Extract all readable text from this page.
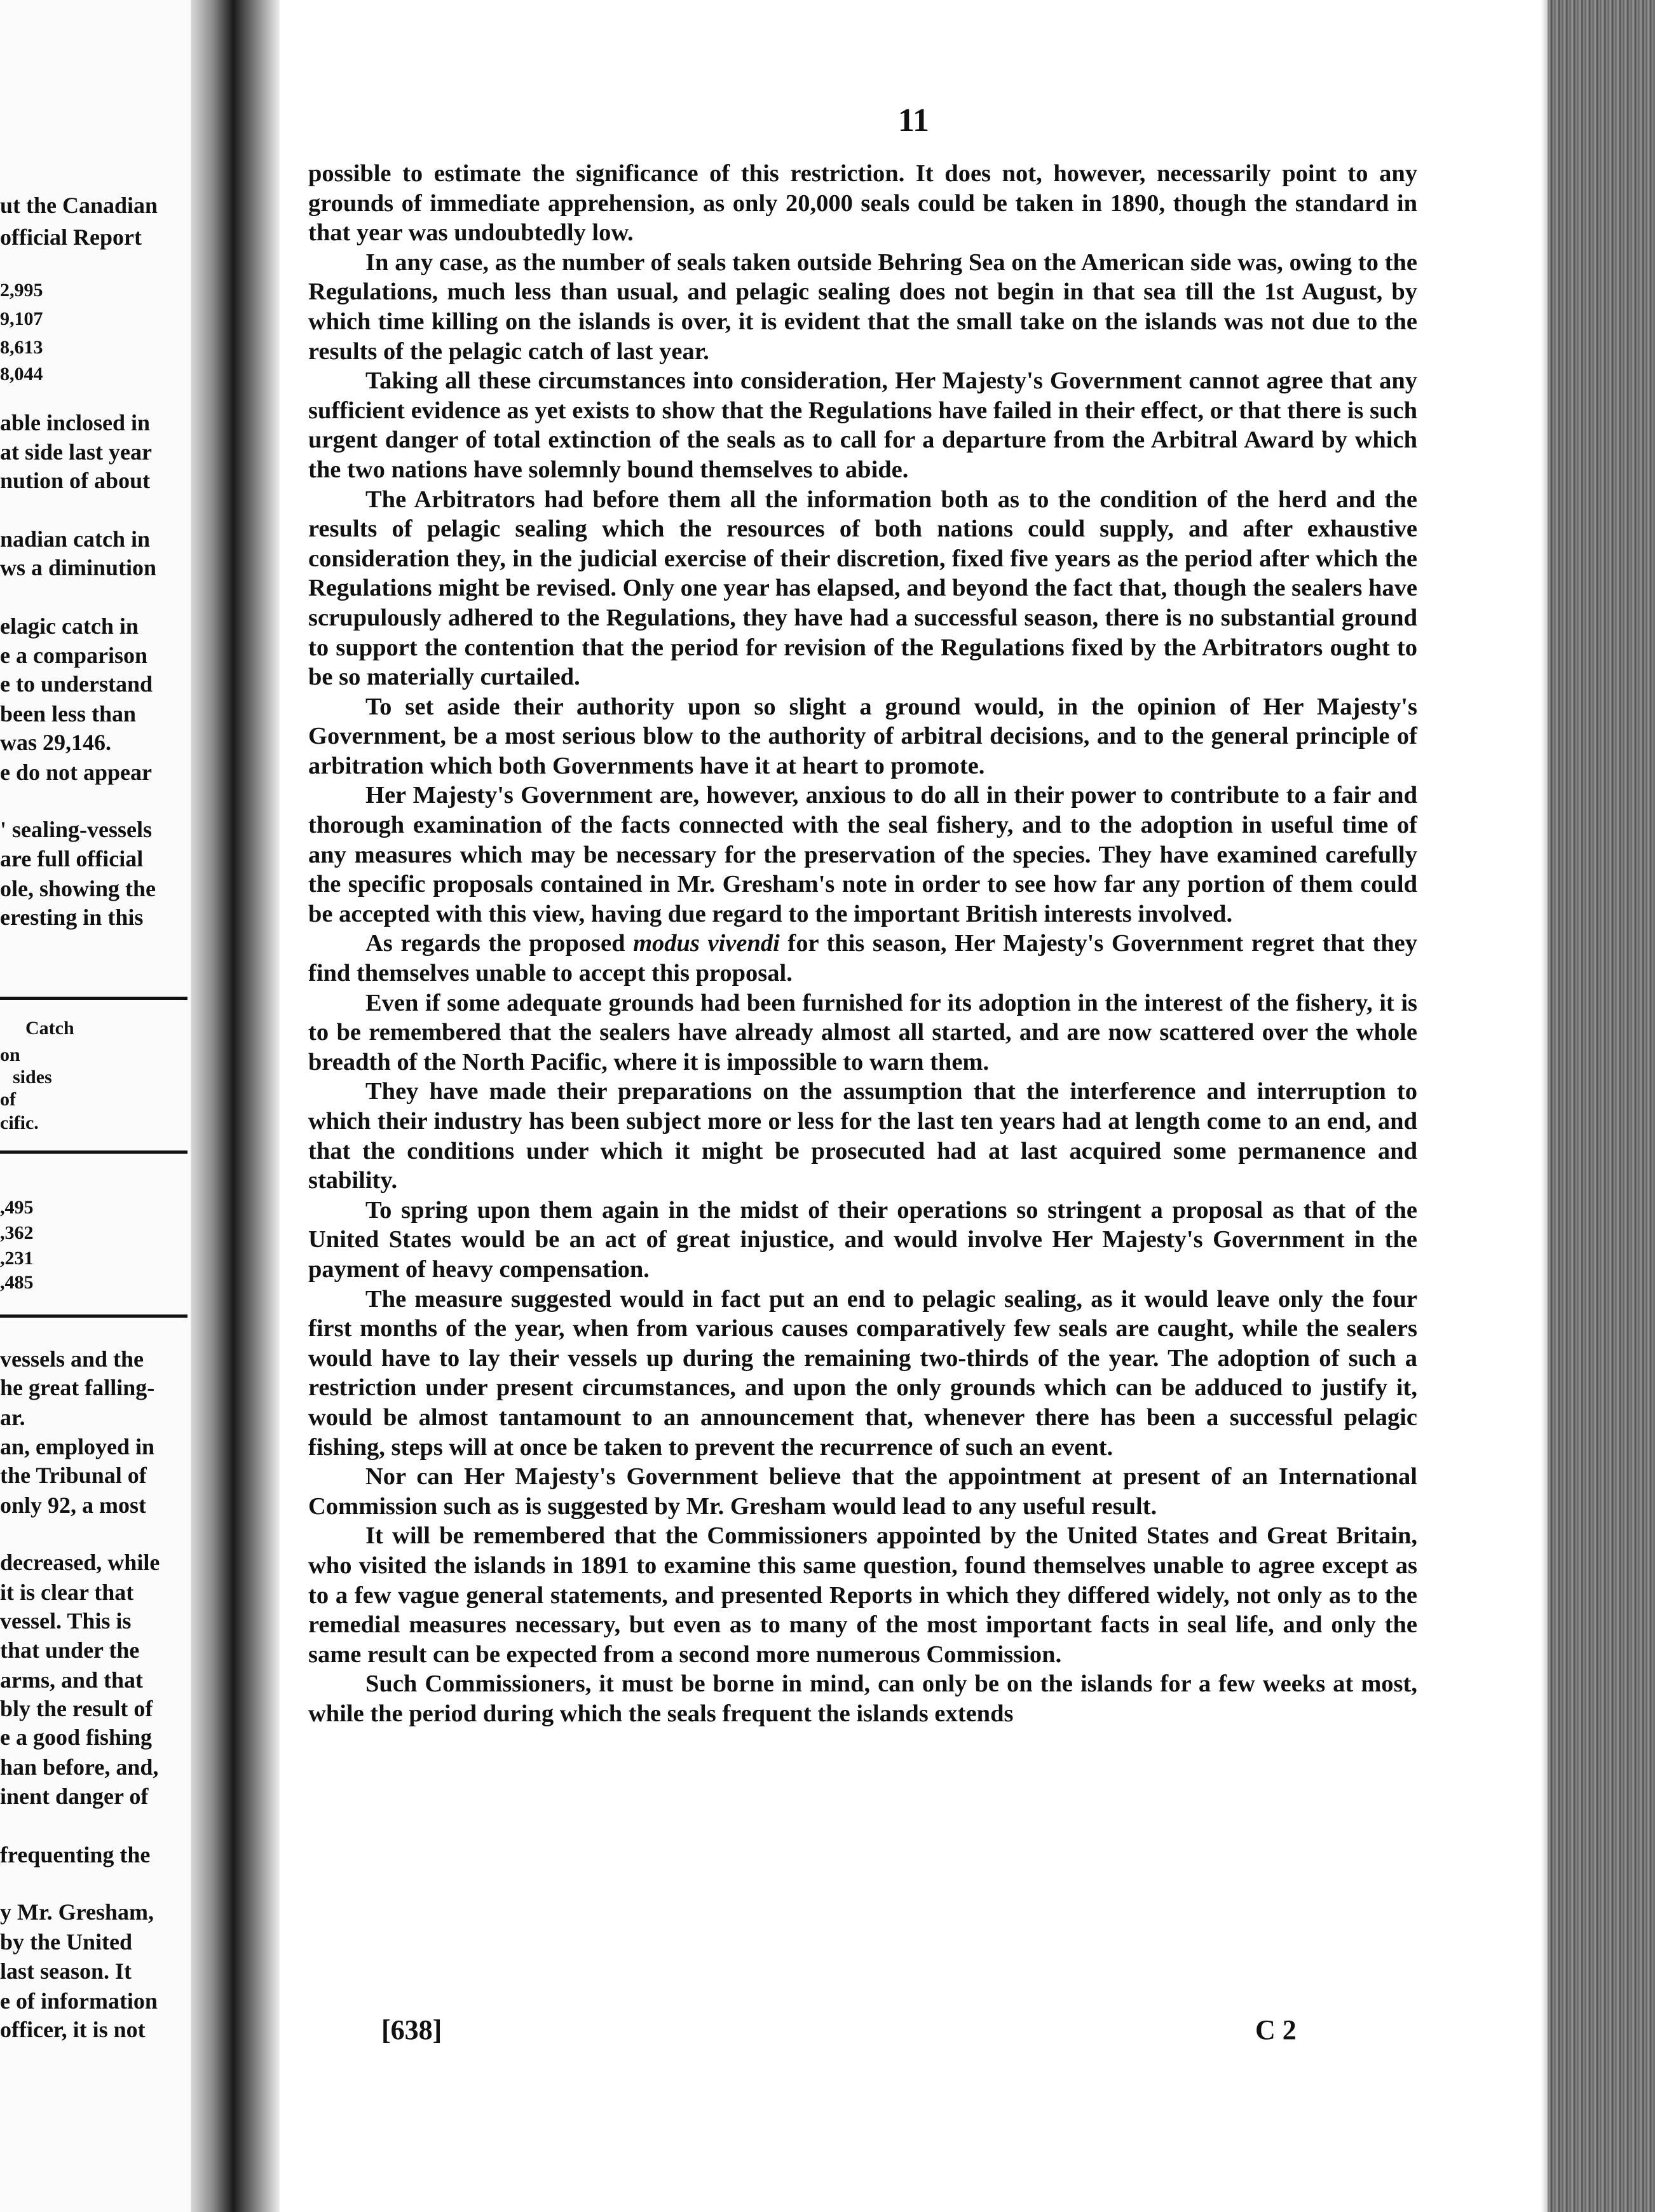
ut the Canadian
official Report
2,995
9,107
8,613
8,044
able inclosed in
at side last year
nution of about
nadian catch in
ws a diminution
elagic catch in
e a comparison
e to understand
been less than
was 29,146.
e do not appear
' sealing-vessels
are full official
ole, showing the
eresting in this
Catch
on
sides
of
cific.
,495
,362
,231
,485
vessels and the
he great falling-
ar.
an, employed in
the Tribunal of
only 92, a most
decreased, while
it is clear that
vessel. This is
that under the
arms, and that
bly the result of
e a good fishing
han before, and,
inent danger of
frequenting the
y Mr. Gresham,
by the United
last season. It
e of information
officer, it is not
11

possible to estimate the significance of this restriction. It does not, however, necessarily point to any grounds of immediate apprehension, as only 20,000 seals could be taken in 1890, though the standard in that year was undoubtedly low.

In any case, as the number of seals taken outside Behring Sea on the American side was, owing to the Regulations, much less than usual, and pelagic sealing does not begin in that sea till the 1st August, by which time killing on the islands is over, it is evident that the small take on the islands was not due to the results of the pelagic catch of last year.

Taking all these circumstances into consideration, Her Majesty's Government cannot agree that any sufficient evidence as yet exists to show that the Regulations have failed in their effect, or that there is such urgent danger of total extinction of the seals as to call for a departure from the Arbitral Award by which the two nations have solemnly bound themselves to abide.

The Arbitrators had before them all the information both as to the condition of the herd and the results of pelagic sealing which the resources of both nations could supply, and after exhaustive consideration they, in the judicial exercise of their discretion, fixed five years as the period after which the Regulations might be revised. Only one year has elapsed, and beyond the fact that, though the sealers have scrupulously adhered to the Regulations, they have had a successful season, there is no substantial ground to support the contention that the period for revision of the Regulations fixed by the Arbitrators ought to be so materially curtailed.

To set aside their authority upon so slight a ground would, in the opinion of Her Majesty's Government, be a most serious blow to the authority of arbitral decisions, and to the general principle of arbitration which both Governments have it at heart to promote.

Her Majesty's Government are, however, anxious to do all in their power to contribute to a fair and thorough examination of the facts connected with the seal fishery, and to the adoption in useful time of any measures which may be necessary for the preservation of the species. They have examined carefully the specific proposals contained in Mr. Gresham's note in order to see how far any portion of them could be accepted with this view, having due regard to the important British interests involved.

As regards the proposed modus vivendi for this season, Her Majesty's Government regret that they find themselves unable to accept this proposal.

Even if some adequate grounds had been furnished for its adoption in the interest of the fishery, it is to be remembered that the sealers have already almost all started, and are now scattered over the whole breadth of the North Pacific, where it is impossible to warn them.

They have made their preparations on the assumption that the interference and interruption to which their industry has been subject more or less for the last ten years had at length come to an end, and that the conditions under which it might be prosecuted had at last acquired some permanence and stability.

To spring upon them again in the midst of their operations so stringent a proposal as that of the United States would be an act of great injustice, and would involve Her Majesty's Government in the payment of heavy compensation.

The measure suggested would in fact put an end to pelagic sealing, as it would leave only the four first months of the year, when from various causes comparatively few seals are caught, while the sealers would have to lay their vessels up during the remaining two-thirds of the year. The adoption of such a restriction under present circumstances, and upon the only grounds which can be adduced to justify it, would be almost tantamount to an announcement that, whenever there has been a successful pelagic fishing, steps will at once be taken to prevent the recurrence of such an event.

Nor can Her Majesty's Government believe that the appointment at present of an International Commission such as is suggested by Mr. Gresham would lead to any useful result.

It will be remembered that the Commissioners appointed by the United States and Great Britain, who visited the islands in 1891 to examine this same question, found themselves unable to agree except as to a few vague general statements, and presented Reports in which they differed widely, not only as to the remedial measures necessary, but even as to many of the most important facts in seal life, and only the same result can be expected from a second more numerous Commission.

Such Commissioners, it must be borne in mind, can only be on the islands for a few weeks at most, while the period during which the seals frequent the islands extends

[638]	C 2
